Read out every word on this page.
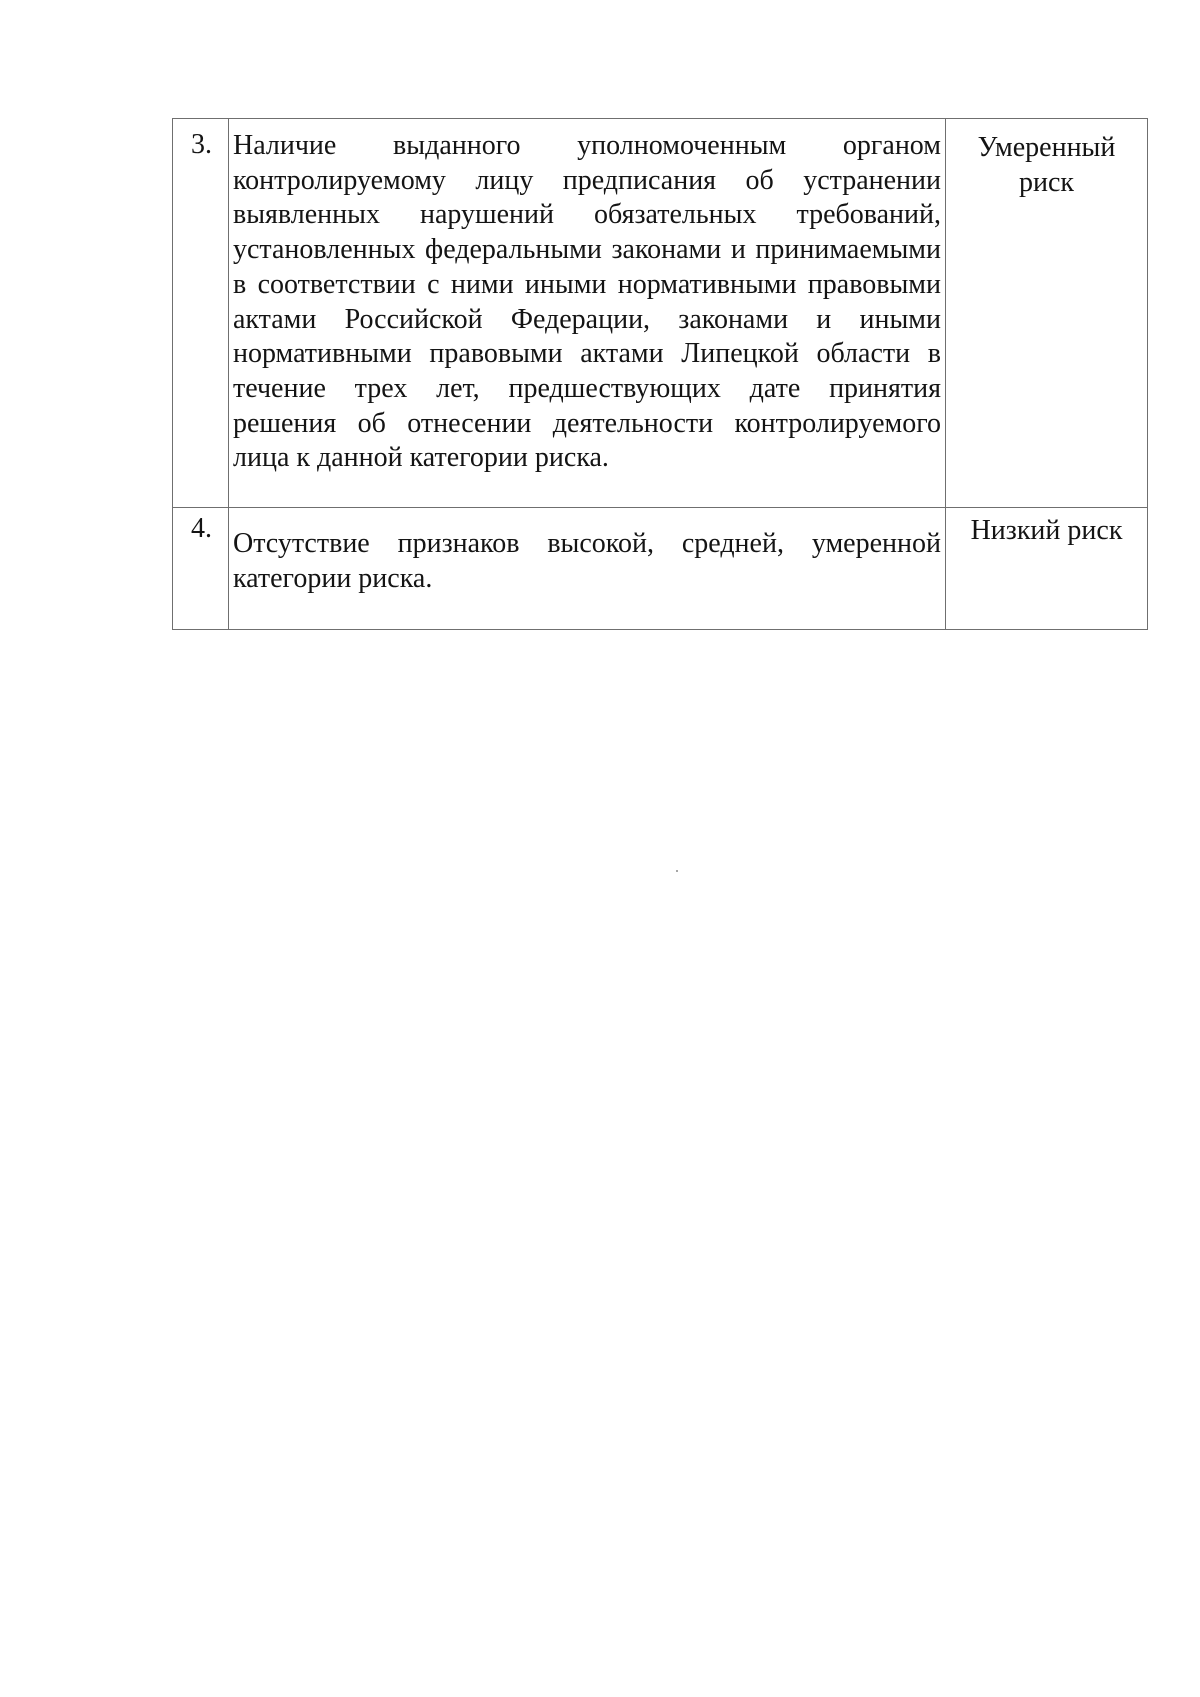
3.	Наличие выданного уполномоченным органом контролируемому лицу предписания об устранении выявленных нарушений обязательных требований, установленных федеральными законами и принимаемыми в соответствии с ними иными нормативными правовыми актами Российской Федерации, законами и иными нормативными правовыми актами Липецкой области в течение трех лет, предшествующих дате принятия решения об отнесении деятельности контролируемого лица к данной категории риска.	Умеренный риск
4.	Отсутствие признаков высокой, средней, умеренной категории риска.	Низкий риск
